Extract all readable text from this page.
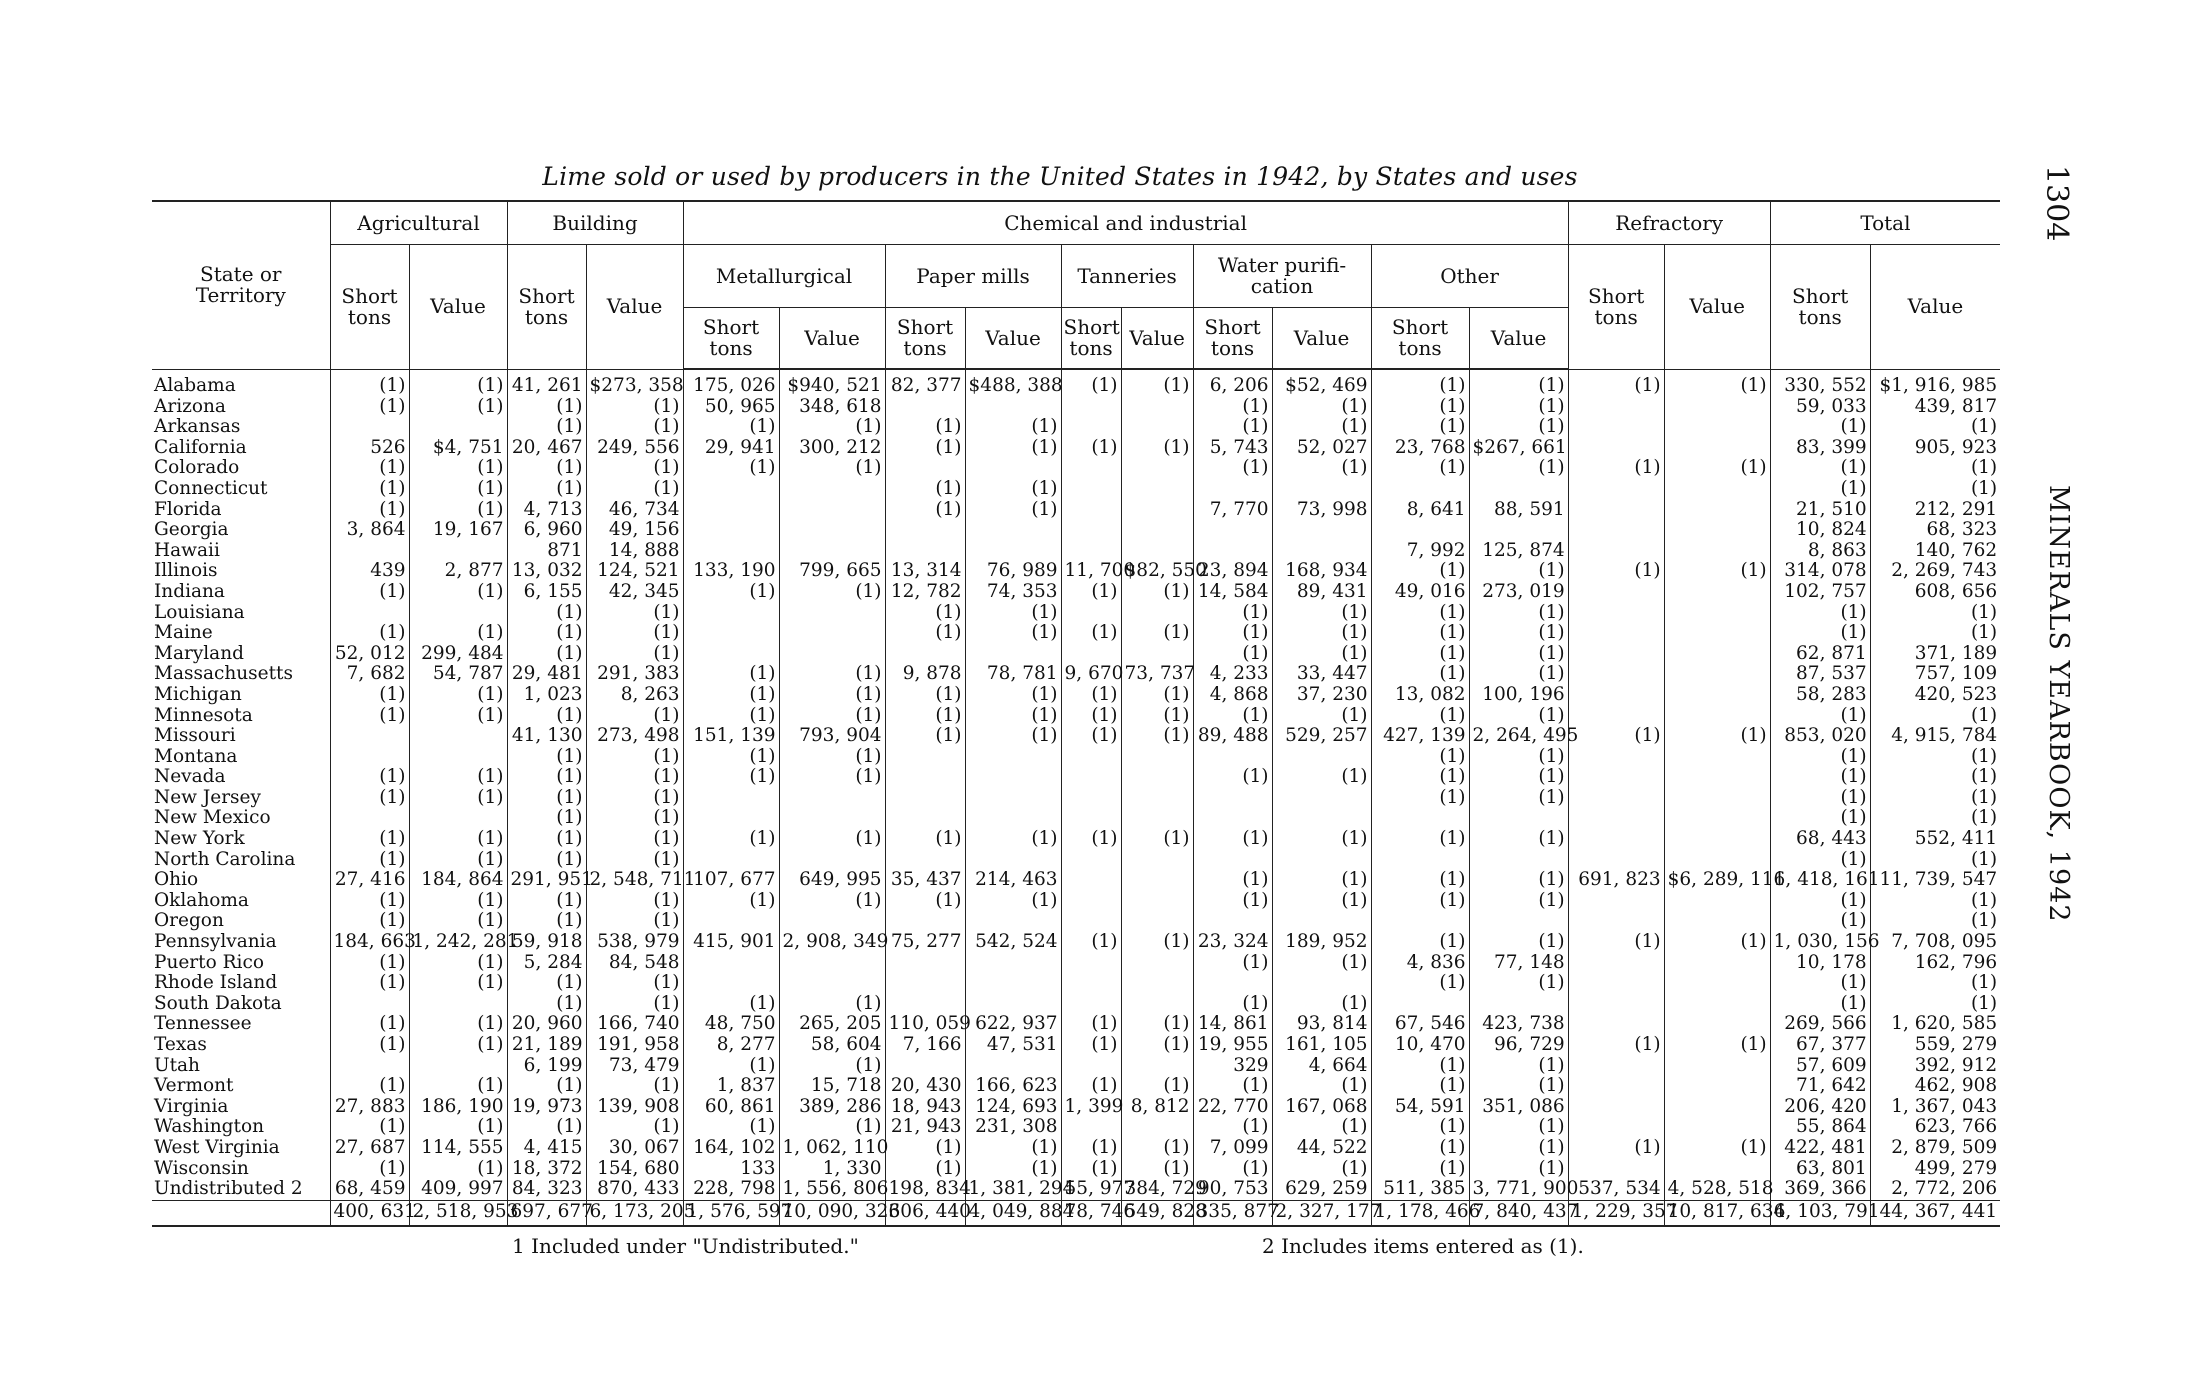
1304
MINERALS YEARBOOK, 1942
Lime sold or used by producers in the United States in 1942, by States and uses
State or Territory	Agricultural		Building		Chemical and industrial										Refractory		Total	
	Short tons	Value	Short tons	Value	Metallurgical		Paper mills		Tanneries		Water purifi- cation		Other		Short tons	Value	Short tons	Value
					Short tons	Value	Short tons	Value	Short tons	Value	Short tons	Value	Short tons	Value				
Alabama	(1)	(1)	41, 261	$273, 358	175, 026	$940, 521	82, 377	$488, 388	(1)	(1)	6, 206	$52, 469	(1)	(1)	(1)	(1)	330, 552	$1, 916, 985
Arizona	(1)	(1)	(1)	(1)	50, 965	348, 618					(1)	(1)	(1)	(1)			59, 033	439, 817
Arkansas			(1)	(1)	(1)	(1)	(1)	(1)			(1)	(1)	(1)	(1)			(1)	(1)
California	526	$4, 751	20, 467	249, 556	29, 941	300, 212	(1)	(1)	(1)	(1)	5, 743	52, 027	23, 768	$267, 661			83, 399	905, 923
Colorado	(1)	(1)	(1)	(1)	(1)	(1)					(1)	(1)	(1)	(1)	(1)	(1)	(1)	(1)
Connecticut	(1)	(1)	(1)	(1)			(1)	(1)									(1)	(1)
Florida	(1)	(1)	4, 713	46, 734			(1)	(1)			7, 770	73, 998	8, 641	88, 591			21, 510	212, 291
Georgia	3, 864	19, 167	6, 960	49, 156													10, 824	68, 323
Hawaii			871	14, 888									7, 992	125, 874			8, 863	140, 762
Illinois	439	2, 877	13, 032	124, 521	133, 190	799, 665	13, 314	76, 989	11, 700	$82, 550	23, 894	168, 934	(1)	(1)	(1)	(1)	314, 078	2, 269, 743
Indiana	(1)	(1)	6, 155	42, 345	(1)	(1)	12, 782	74, 353	(1)	(1)	14, 584	89, 431	49, 016	273, 019			102, 757	608, 656
Louisiana			(1)	(1)			(1)	(1)			(1)	(1)	(1)	(1)			(1)	(1)
Maine	(1)	(1)	(1)	(1)			(1)	(1)	(1)	(1)	(1)	(1)	(1)	(1)			(1)	(1)
Maryland	52, 012	299, 484	(1)	(1)							(1)	(1)	(1)	(1)			62, 871	371, 189
Massachusetts	7, 682	54, 787	29, 481	291, 383	(1)	(1)	9, 878	78, 781	9, 670	73, 737	4, 233	33, 447	(1)	(1)			87, 537	757, 109
Michigan	(1)	(1)	1, 023	8, 263	(1)	(1)	(1)	(1)	(1)	(1)	4, 868	37, 230	13, 082	100, 196			58, 283	420, 523
Minnesota	(1)	(1)	(1)	(1)	(1)	(1)	(1)	(1)	(1)	(1)	(1)	(1)	(1)	(1)			(1)	(1)
Missouri			41, 130	273, 498	151, 139	793, 904	(1)	(1)	(1)	(1)	89, 488	529, 257	427, 139	2, 264, 495	(1)	(1)	853, 020	4, 915, 784
Montana			(1)	(1)	(1)	(1)							(1)	(1)			(1)	(1)
Nevada	(1)	(1)	(1)	(1)	(1)	(1)					(1)	(1)	(1)	(1)			(1)	(1)
New Jersey	(1)	(1)	(1)	(1)									(1)	(1)			(1)	(1)
New Mexico			(1)	(1)													(1)	(1)
New York	(1)	(1)	(1)	(1)	(1)	(1)	(1)	(1)	(1)	(1)	(1)	(1)	(1)	(1)			68, 443	552, 411
North Carolina	(1)	(1)	(1)	(1)													(1)	(1)
Ohio	27, 416	184, 864	291, 951	2, 548, 711	107, 677	649, 995	35, 437	214, 463			(1)	(1)	(1)	(1)	691, 823	$6, 289, 116	1, 418, 161	11, 739, 547
Oklahoma	(1)	(1)	(1)	(1)	(1)	(1)	(1)	(1)			(1)	(1)	(1)	(1)			(1)	(1)
Oregon	(1)	(1)	(1)	(1)													(1)	(1)
Pennsylvania	184, 663	1, 242, 281	59, 918	538, 979	415, 901	2, 908, 349	75, 277	542, 524	(1)	(1)	23, 324	189, 952	(1)	(1)	(1)	(1)	1, 030, 156	7, 708, 095
Puerto Rico	(1)	(1)	5, 284	84, 548							(1)	(1)	4, 836	77, 148			10, 178	162, 796
Rhode Island	(1)	(1)	(1)	(1)									(1)	(1)			(1)	(1)
South Dakota			(1)	(1)	(1)	(1)					(1)	(1)					(1)	(1)
Tennessee	(1)	(1)	20, 960	166, 740	48, 750	265, 205	110, 059	622, 937	(1)	(1)	14, 861	93, 814	67, 546	423, 738			269, 566	1, 620, 585
Texas	(1)	(1)	21, 189	191, 958	8, 277	58, 604	7, 166	47, 531	(1)	(1)	19, 955	161, 105	10, 470	96, 729	(1)	(1)	67, 377	559, 279
Utah			6, 199	73, 479	(1)	(1)					329	4, 664	(1)	(1)			57, 609	392, 912
Vermont	(1)	(1)	(1)	(1)	1, 837	15, 718	20, 430	166, 623	(1)	(1)	(1)	(1)	(1)	(1)			71, 642	462, 908
Virginia	27, 883	186, 190	19, 973	139, 908	60, 861	389, 286	18, 943	124, 693	1, 399	8, 812	22, 770	167, 068	54, 591	351, 086			206, 420	1, 367, 043
Washington	(1)	(1)	(1)	(1)	(1)	(1)	21, 943	231, 308			(1)	(1)	(1)	(1)			55, 864	623, 766
West Virginia	27, 687	114, 555	4, 415	30, 067	164, 102	1, 062, 110	(1)	(1)	(1)	(1)	7, 099	44, 522	(1)	(1)	(1)	(1)	422, 481	2, 879, 509
Wisconsin	(1)	(1)	18, 372	154, 680	133	1, 330	(1)	(1)	(1)	(1)	(1)	(1)	(1)	(1)			63, 801	499, 279
Undistributed 2	68, 459	409, 997	84, 323	870, 433	228, 798	1, 556, 806	198, 834	1, 381, 294	55, 977	384, 729	90, 753	629, 259	511, 385	3, 771, 900	537, 534	4, 528, 518	369, 366	2, 772, 206
	400, 631	2, 518, 953	697, 677	6, 173, 205	1, 576, 597	10, 090, 323	606, 440	4, 049, 884	78, 746	549, 828	335, 877	2, 327, 177	1, 178, 466	7, 840, 437	1, 229, 357	10, 817, 634	6, 103, 791	44, 367, 441
1 Included under "Undistributed."	2 Includes items entered as (1).
